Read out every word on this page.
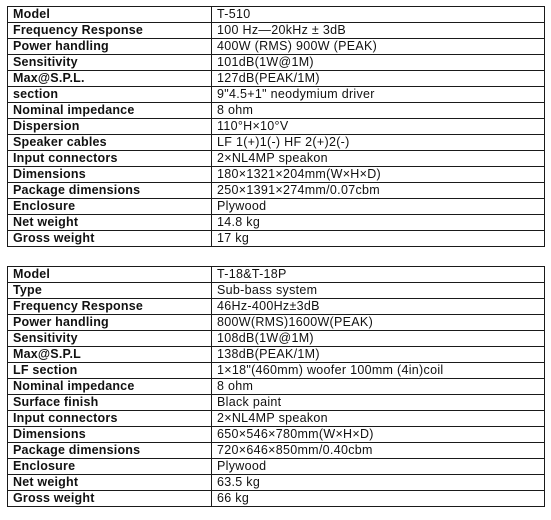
Model	T-510
Frequency Response	100 Hz—20kHz ± 3dB
Power handling	400W (RMS) 900W (PEAK)
Sensitivity	101dB(1W@1M)
Max@S.P.L.	127dB(PEAK/1M)
section	9"4.5+1" neodymium driver
Nominal impedance	8 ohm
Dispersion	110°H×10°V
Speaker cables	LF 1(+)1(-) HF 2(+)2(-)
Input connectors	2×NL4MP speakon
Dimensions	180×1321×204mm(W×H×D)
Package dimensions	250×1391×274mm/0.07cbm
Enclosure	Plywood
Net weight	14.8 kg
Gross weight	17 kg
Model	T-18&T-18P
Type	Sub-bass system
Frequency Response	46Hz-400Hz±3dB
Power handling	800W(RMS)1600W(PEAK)
Sensitivity	108dB(1W@1M)
Max@S.P.L	138dB(PEAK/1M)
LF section	1×18"(460mm) woofer 100mm (4in)coil
Nominal impedance	8 ohm
Surface finish	Black paint
Input connectors	2×NL4MP speakon
Dimensions	650×546×780mm(W×H×D)
Package dimensions	720×646×850mm/0.40cbm
Enclosure	Plywood
Net weight	63.5 kg
Gross weight	66 kg
